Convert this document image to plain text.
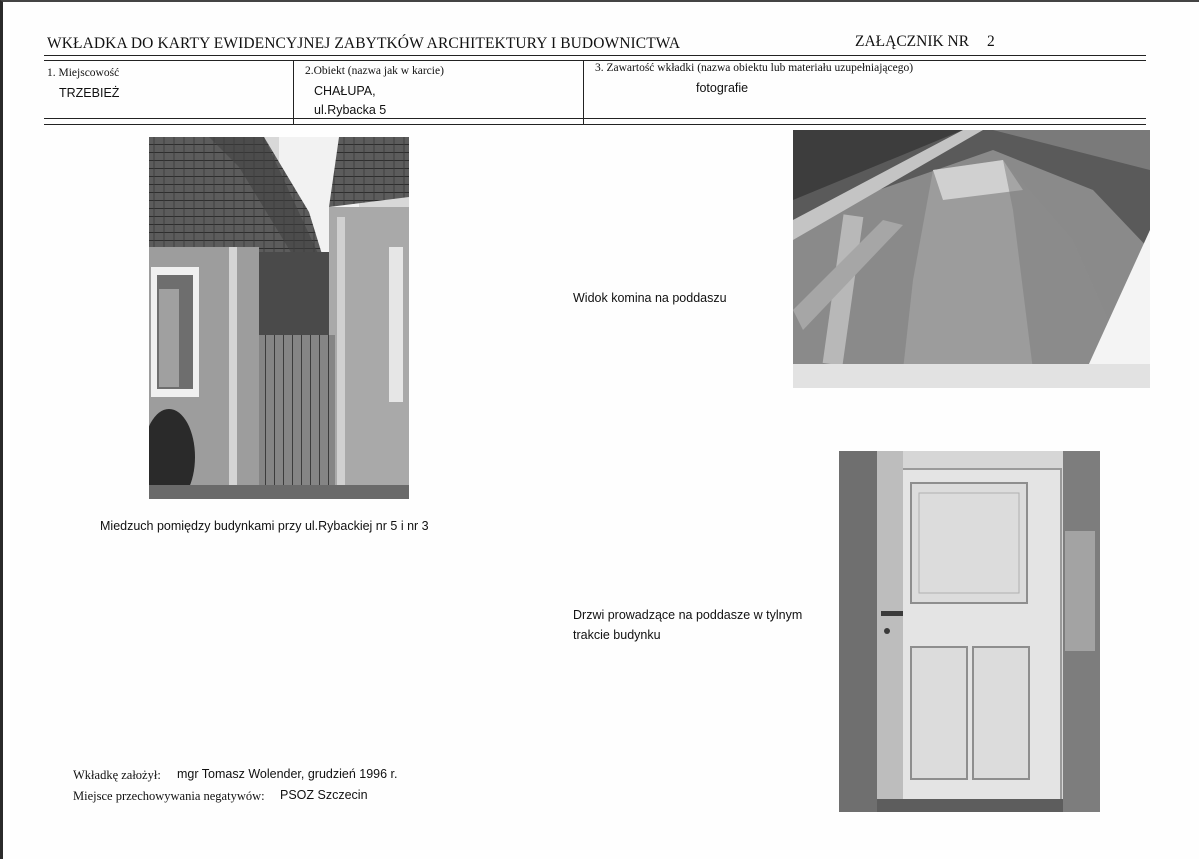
WKŁADKA DO KARTY EWIDENCYJNEJ ZABYTKÓW ARCHITEKTURY I BUDOWNICTWA	ZAŁĄCZNIK NR 2
1. Miejscowość
TRZEBIEŻ
2.Obiekt (nazwa jak w karcie)
CHAŁUPA,
ul.Rybacka 5
3. Zawartość wkładki (nazwa obiektu lub materiału uzupełniającego)
fotografie
Miedzuch pomiędzy budynkami przy ul.Rybackiej nr 5 i nr 3
Widok komina na poddaszu
Drzwi prowadzące na poddasze w tylnym
trakcie budynku
Wkładkę założył: mgr Tomasz Wolender, grudzień 1996 r.
Miejsce przechowywania negatywów: PSOZ Szczecin
